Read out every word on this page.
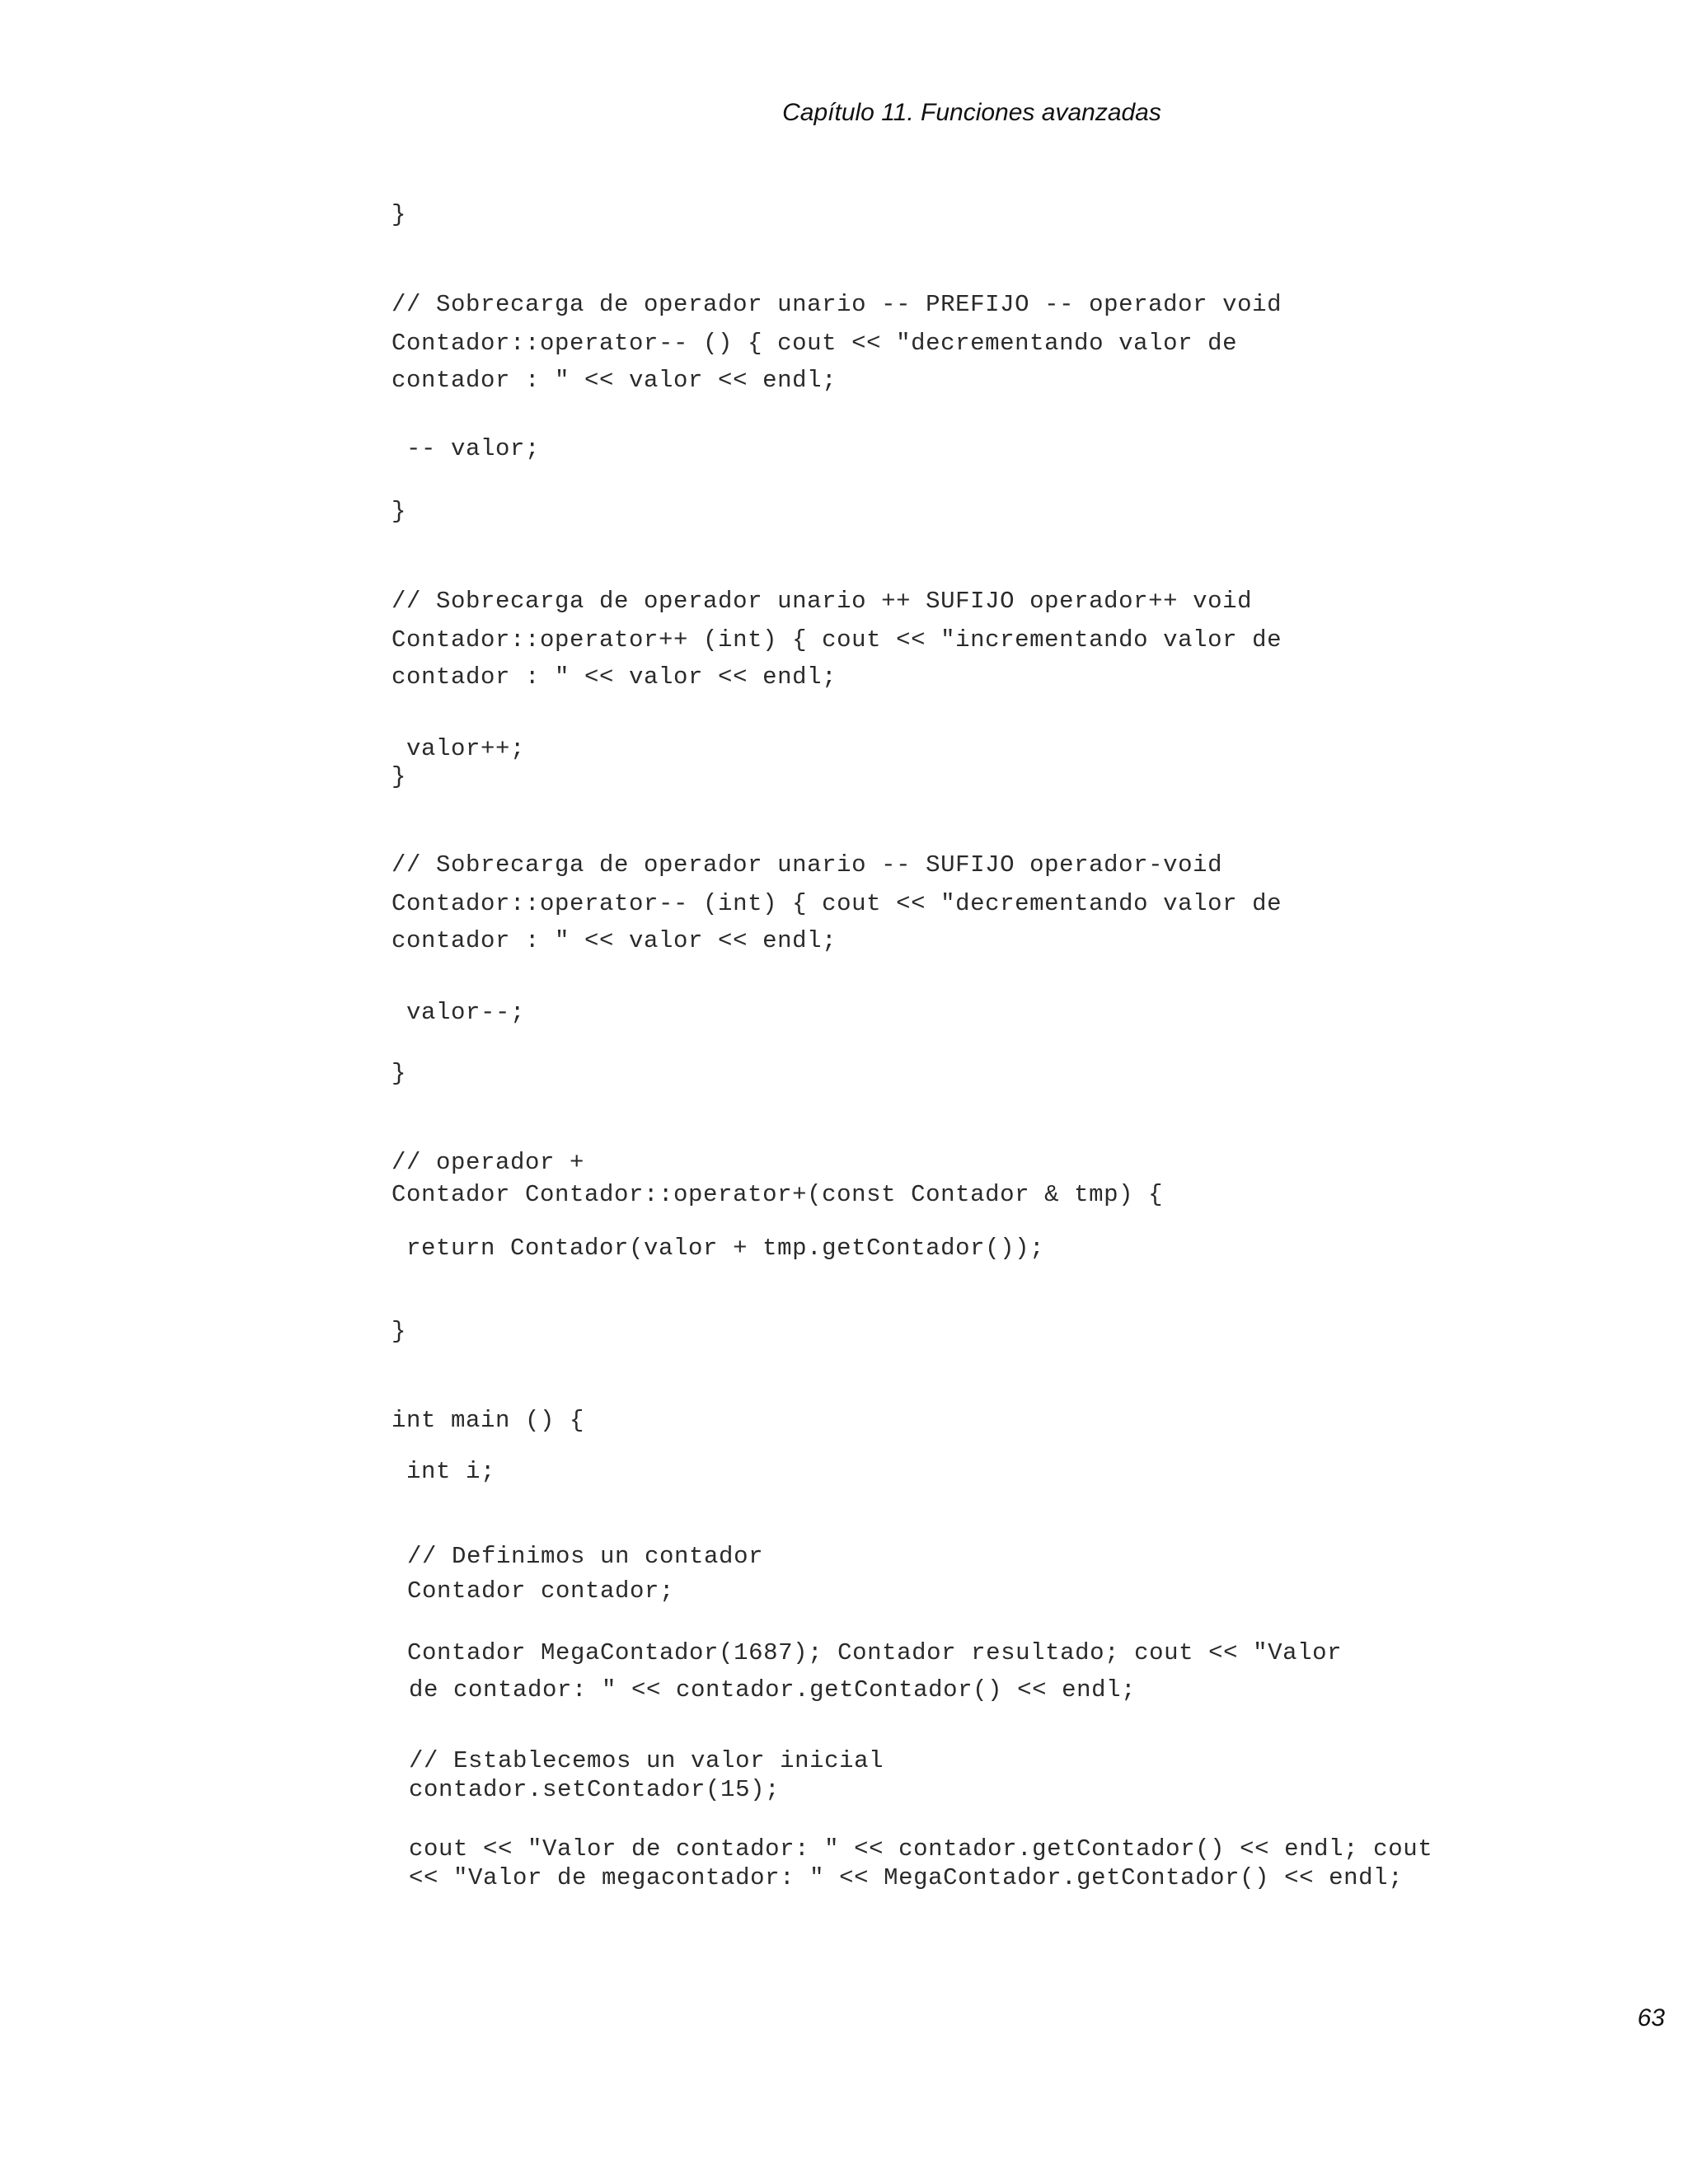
Capítulo 11. Funciones avanzadas
}
// Sobrecarga de operador unario -- PREFIJO -- operador void
Contador::operator-- () { cout << "decrementando valor de
contador : " << valor << endl;
-- valor;
}
// Sobrecarga de operador unario ++ SUFIJO operador++ void
Contador::operator++ (int) { cout << "incrementando valor de
contador : " << valor << endl;
valor++;
}
// Sobrecarga de operador unario -- SUFIJO operador-void
Contador::operator-- (int) { cout << "decrementando valor de
contador : " << valor << endl;
valor--;
}
// operador +
Contador Contador::operator+(const Contador & tmp) {
return Contador(valor + tmp.getContador());
}
int main () {
int i;
// Definimos un contador
Contador contador;
Contador MegaContador(1687); Contador resultado; cout << "Valor
de contador: " << contador.getContador() << endl;
// Establecemos un valor inicial
contador.setContador(15);
cout << "Valor de contador: " << contador.getContador() << endl; cout
<< "Valor de megacontador: " << MegaContador.getContador() << endl;
63
